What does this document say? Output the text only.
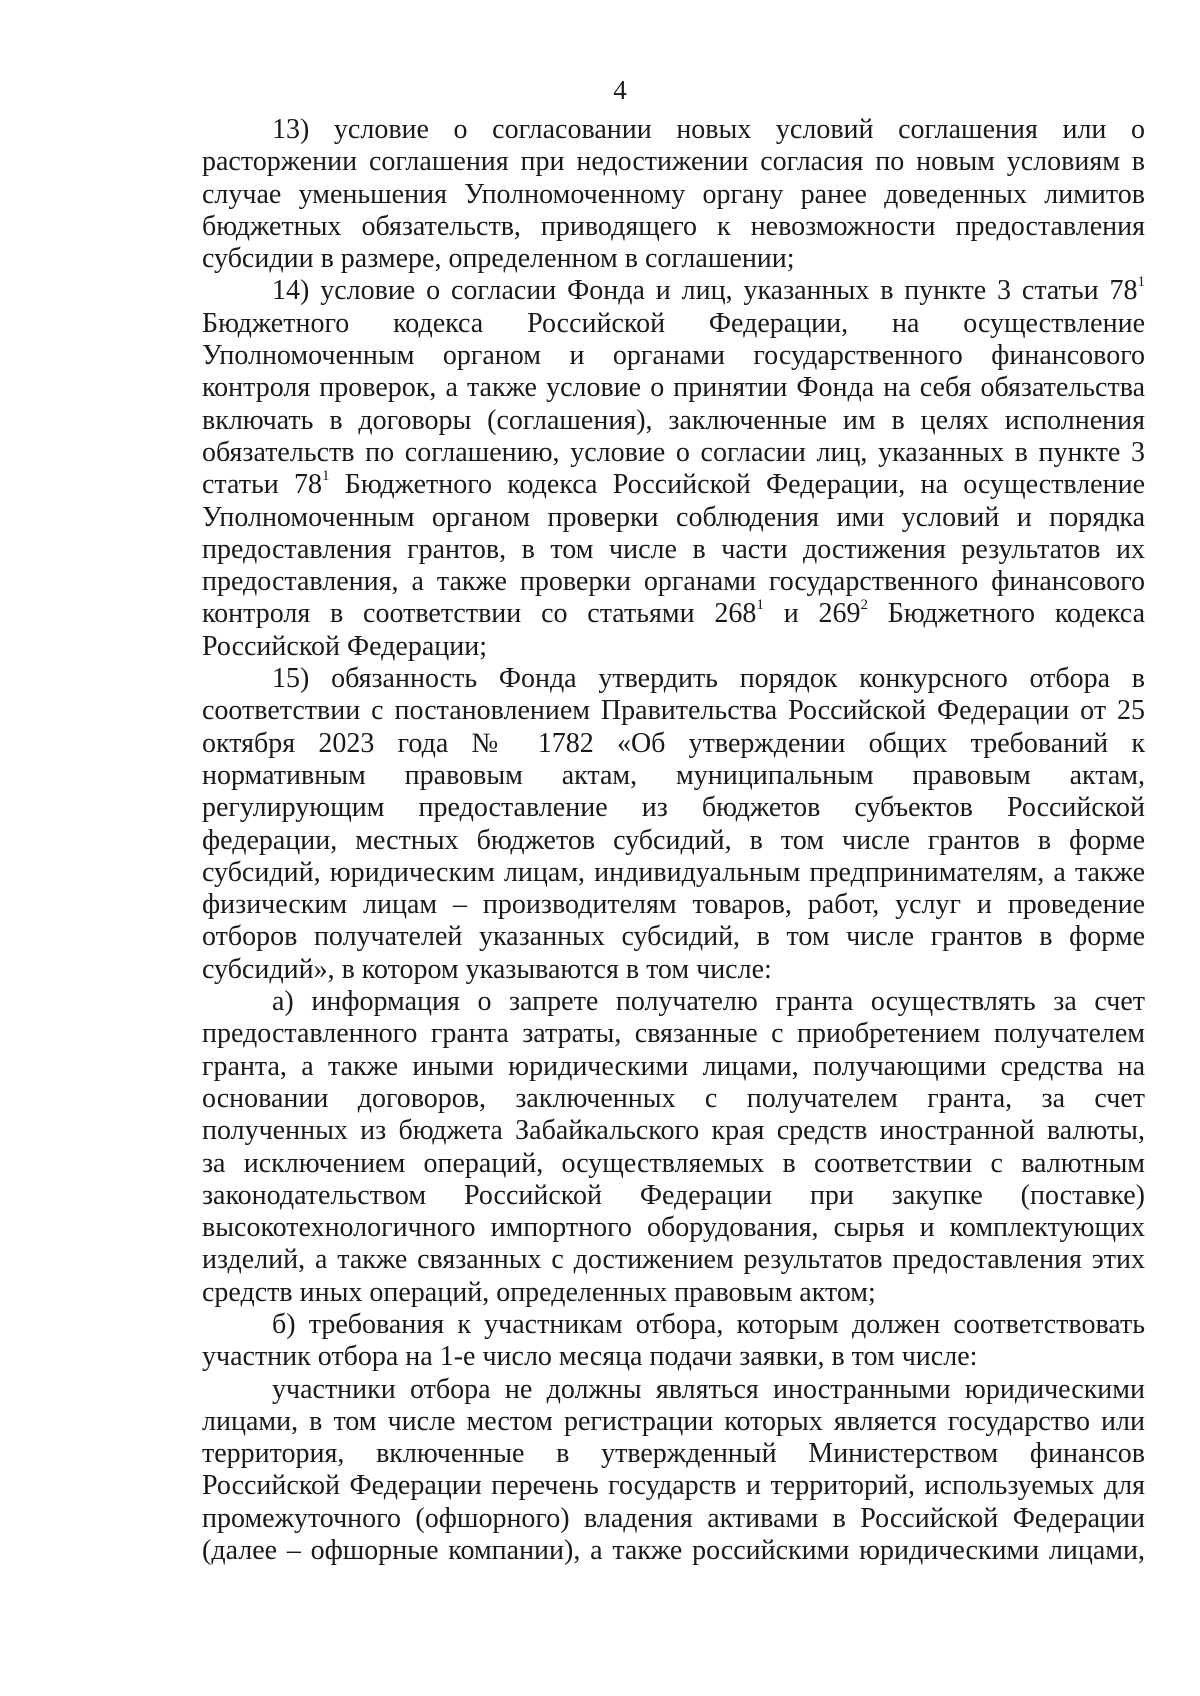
4
13) условие о согласовании новых условий соглашения или о
расторжении соглашения при недостижении согласия по новым условиям в
случае уменьшения Уполномоченному органу ранее доведенных лимитов
бюджетных обязательств, приводящего к невозможности предоставления
субсидии в размере, определенном в соглашении;
14) условие о согласии Фонда и лиц, указанных в пункте 3 статьи $78^1$
Бюджетного кодекса Российской Федерации, на осуществление
Уполномоченным органом и органами государственного финансового
контроля проверок, а также условие о принятии Фонда на себя обязательства
включать в договоры (соглашения), заключенные им в целях исполнения
обязательств по соглашению, условие о согласии лиц, указанных в пункте 3
статьи $78^1$ Бюджетного кодекса Российской Федерации, на осуществление
Уполномоченным органом проверки соблюдения ими условий и порядка
предоставления грантов, в том числе в части достижения результатов их
предоставления, а также проверки органами государственного финансового
контроля в соответствии со статьями $268^1$ и $269^2$ Бюджетного кодекса
Российской Федерации;
15) обязанность Фонда утвердить порядок конкурсного отбора в
соответствии с постановлением Правительства Российской Федерации от 25
октября 2023 года № 1782 «Об утверждении общих требований к
нормативным правовым актам, муниципальным правовым актам,
регулирующим предоставление из бюджетов субъектов Российской
федерации, местных бюджетов субсидий, в том числе грантов в форме
субсидий, юридическим лицам, индивидуальным предпринимателям, а также
физическим лицам – производителям товаров, работ, услуг и проведение
отборов получателей указанных субсидий, в том числе грантов в форме
субсидий», в котором указываются в том числе:
а) информация о запрете получателю гранта осуществлять за счет
предоставленного гранта затраты, связанные с приобретением получателем
гранта, а также иными юридическими лицами, получающими средства на
основании договоров, заключенных с получателем гранта, за счет
полученных из бюджета Забайкальского края средств иностранной валюты,
за исключением операций, осуществляемых в соответствии с валютным
законодательством Российской Федерации при закупке (поставке)
высокотехнологичного импортного оборудования, сырья и комплектующих
изделий, а также связанных с достижением результатов предоставления этих
средств иных операций, определенных правовым актом;
б) требования к участникам отбора, которым должен соответствовать
участник отбора на 1-е число месяца подачи заявки, в том числе:
участники отбора не должны являться иностранными юридическими
лицами, в том числе местом регистрации которых является государство или
территория, включенные в утвержденный Министерством финансов
Российской Федерации перечень государств и территорий, используемых для
промежуточного (офшорного) владения активами в Российской Федерации
(далее – офшорные компании), а также российскими юридическими лицами,
